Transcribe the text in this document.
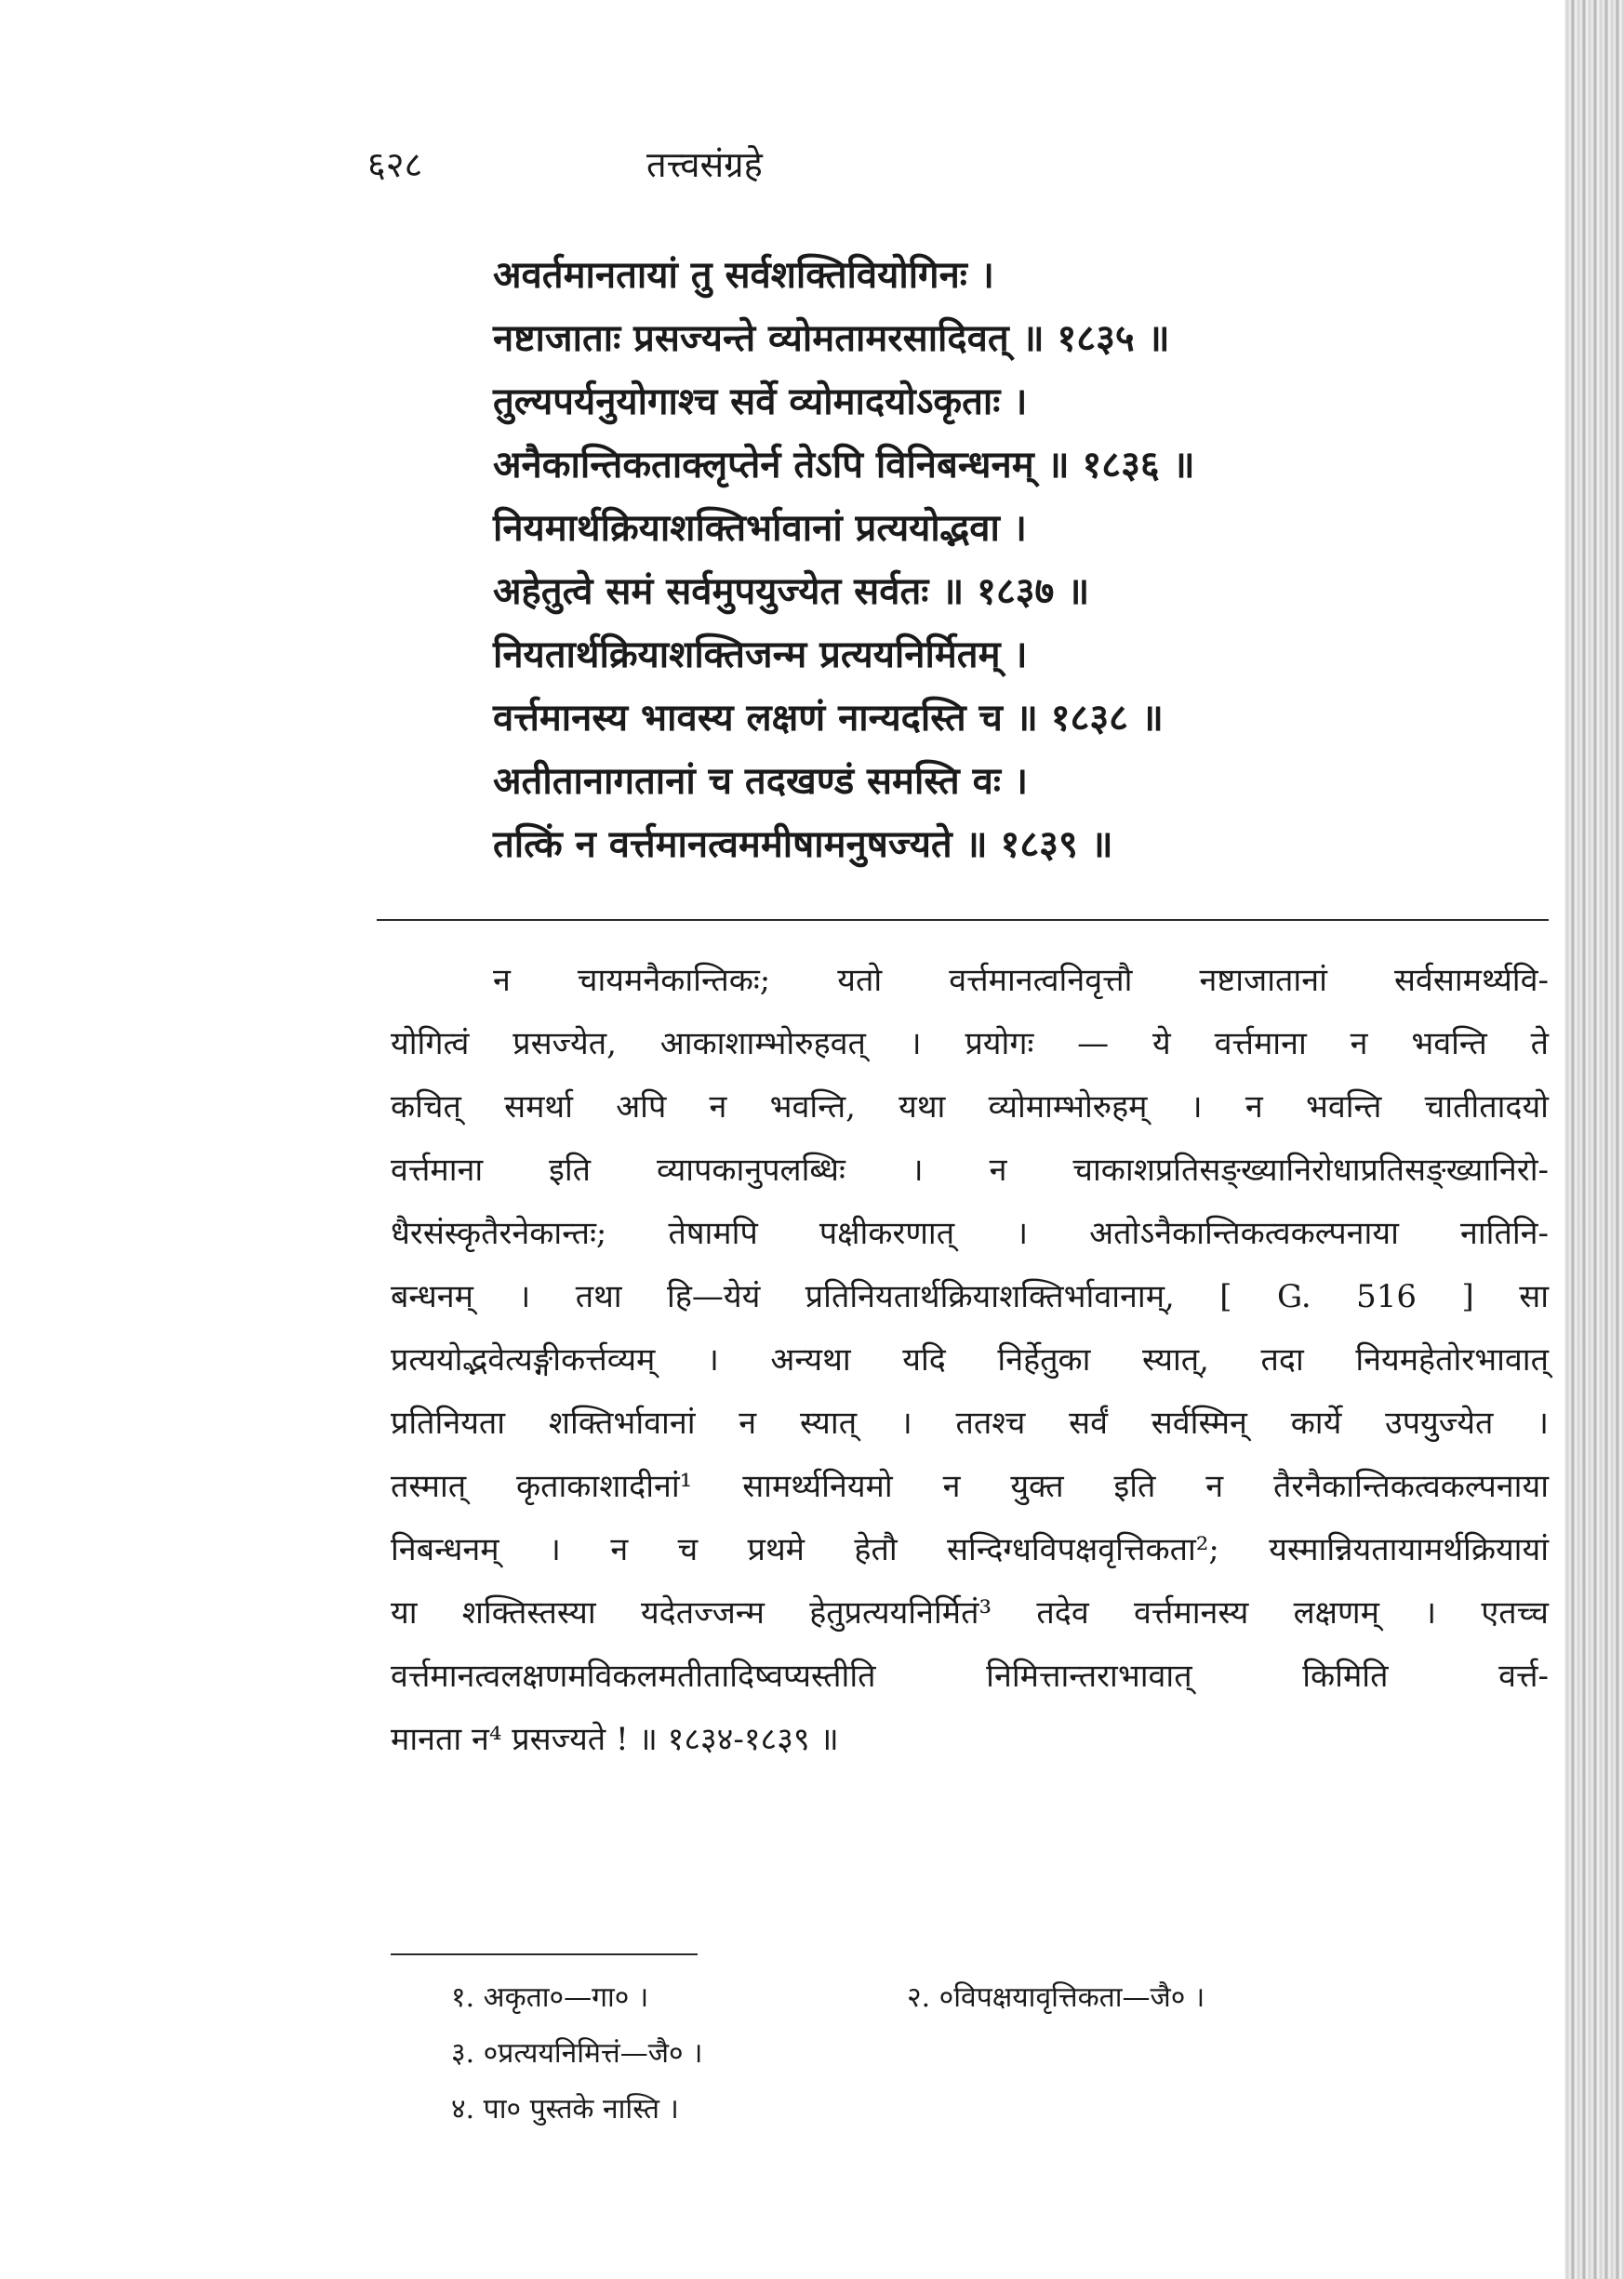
६२८	तत्त्वसंग्रहे
अवर्तमानतायां तु सर्वशक्तिवियोगिनः ।
नष्टाजाताः प्रसज्यन्ते व्योमतामरसादिवत् ॥ १८३५ ॥
तुल्यपर्यनुयोगाश्च सर्वे व्योमादयोऽकृताः ।
अनैकान्तिकताक्लृप्तेर्न तेऽपि विनिबन्धनम् ॥ १८३६ ॥
नियमार्थक्रियाशक्तिर्भावानां प्रत्ययोद्भवा ।
अहेतुत्वे समं सर्वमुपयुज्येत सर्वतः ॥ १८३७ ॥
नियतार्थक्रियाशक्तिजन्म प्रत्ययनिर्मितम् ।
वर्त्तमानस्य भावस्य लक्षणं नान्यदस्ति च ॥ १८३८ ॥
अतीतानागतानां च तदखण्डं समस्ति वः ।
तत्किं न वर्त्तमानत्वममीषामनुषज्यते ॥ १८३९ ॥
न चायमनैकान्तिकः; यतो वर्त्तमानत्वनिवृत्तौ नष्टाजातानां सर्वसामर्थ्यवि-
योगित्वं प्रसज्येत, आकाशाम्भोरुहवत् । प्रयोगः — ये वर्त्तमाना न भवन्ति ते
कचित् समर्था अपि न भवन्ति, यथा व्योमाम्भोरुहम् । न भवन्ति चातीतादयो
वर्त्तमाना इति व्यापकानुपलब्धिः । न चाकाशप्रतिसङ्ख्यानिरोधाप्रतिसङ्ख्यानिरो-
धैरसंस्कृतैरनेकान्तः; तेषामपि पक्षीकरणात् । अतोऽनैकान्तिकत्वकल्पनाया नातिनि-
बन्धनम् । तथा हि—येयं प्रतिनियतार्थक्रियाशक्तिर्भावानाम्, [ G. 516 ] सा
प्रत्ययोद्भवेत्यङ्गीकर्त्तव्यम् । अन्यथा यदि निर्हेतुका स्यात्, तदा नियमहेतोरभावात्
प्रतिनियता शक्तिर्भावानां न स्यात् । ततश्च सर्वं सर्वस्मिन् कार्ये उपयुज्येत ।
तस्मात् कृताकाशादीनां¹ सामर्थ्यनियमो न युक्त इति न तैरनैकान्तिकत्वकल्पनाया
निबन्धनम् । न च प्रथमे हेतौ सन्दिग्धविपक्षवृत्तिकता²; यस्मान्नियतायामर्थक्रियायां
या शक्तिस्तस्या यदेतज्जन्म हेतुप्रत्ययनिर्मितं³ तदेव वर्त्तमानस्य लक्षणम् । एतच्च
वर्त्तमानत्वलक्षणमविकलमतीतादिष्वप्यस्तीति निमित्तान्तराभावात् किमिति वर्त्त-
मानता न⁴ प्रसज्यते ! ॥ १८३४-१८३९ ॥
१. अकृता०—गा० ।	२. ०विपक्षयावृत्तिकता—जै० ।
३. ०प्रत्ययनिमित्तं—जै० ।
४. पा० पुस्तके नास्ति ।
